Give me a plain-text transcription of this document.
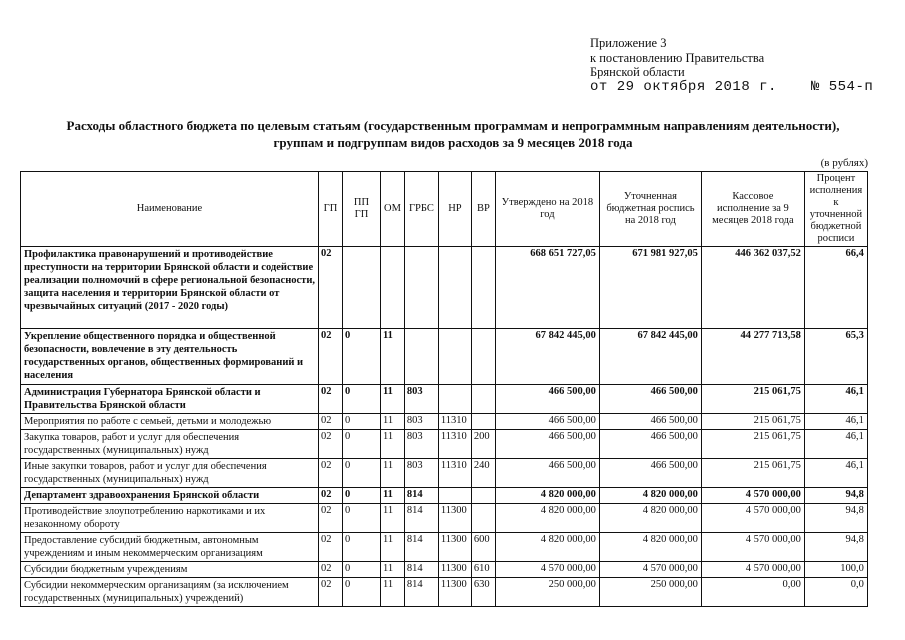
Приложение 3
к постановлению Правительства
Брянской области
от 29 октября 2018 г. № 554-п
Расходы областного бюджета по целевым статьям (государственным программам и непрограммным направлениям деятельности),
группам и подгруппам видов расходов за 9 месяцев 2018 года
(в рублях)
Наименование	ГП	ПП ГП	ОМ	ГРБС	НР	ВР	Утверждено на 2018 год	Уточненная бюджетная роспись на 2018 год	Кассовое исполнение за 9 месяцев 2018 года	Процент исполнения к уточненной бюджетной росписи
Профилактика правонарушений и противодействие преступности на территории Брянской области и содействие реализации полномочий в сфере региональной безопасности, защита населения и территории Брянской области от чрезвычайных ситуаций (2017 - 2020 годы)	02						668 651 727,05	671 981 927,05	446 362 037,52	66,4
Укрепление общественного порядка и общественной безопасности, вовлечение в эту деятельность государственных органов, общественных формирований и населения	02	0	11				67 842 445,00	67 842 445,00	44 277 713,58	65,3
Администрация Губернатора Брянской области и Правительства Брянской области	02	0	11	803			466 500,00	466 500,00	215 061,75	46,1
Мероприятия по работе с семьей, детьми и молодежью	02	0	11	803	11310		466 500,00	466 500,00	215 061,75	46,1
Закупка товаров, работ и услуг для обеспечения государственных (муниципальных) нужд	02	0	11	803	11310	200	466 500,00	466 500,00	215 061,75	46,1
Иные закупки товаров, работ и услуг для обеспечения государственных (муниципальных) нужд	02	0	11	803	11310	240	466 500,00	466 500,00	215 061,75	46,1
Департамент здравоохранения Брянской области	02	0	11	814			4 820 000,00	4 820 000,00	4 570 000,00	94,8
Противодействие злоупотреблению наркотиками и их незаконному обороту	02	0	11	814	11300		4 820 000,00	4 820 000,00	4 570 000,00	94,8
Предоставление субсидий бюджетным, автономным учреждениям и иным некоммерческим организациям	02	0	11	814	11300	600	4 820 000,00	4 820 000,00	4 570 000,00	94,8
Субсидии бюджетным учреждениям	02	0	11	814	11300	610	4 570 000,00	4 570 000,00	4 570 000,00	100,0
Субсидии некоммерческим организациям (за исключением государственных (муниципальных) учреждений)	02	0	11	814	11300	630	250 000,00	250 000,00	0,00	0,0
